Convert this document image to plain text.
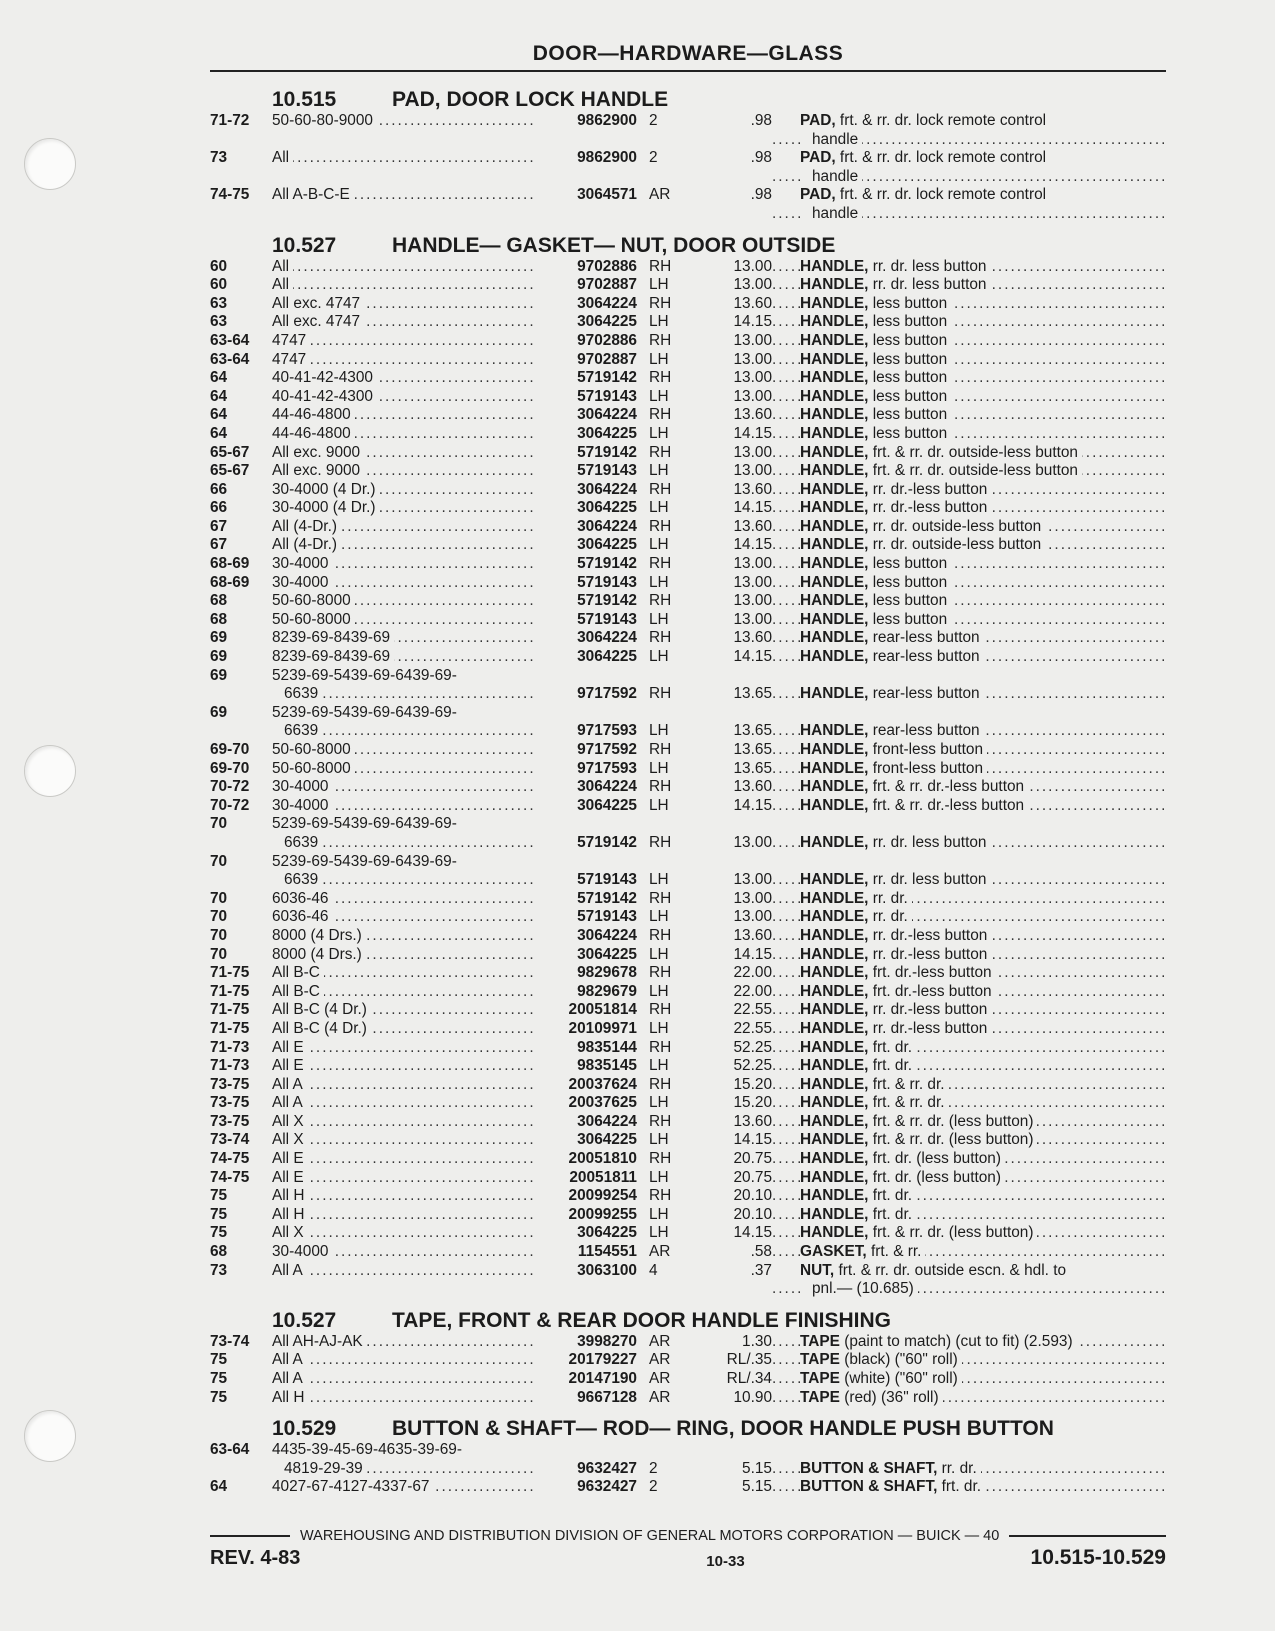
DOOR—HARDWARE—GLASS
10.515	PAD, DOOR LOCK HANDLE
71-72	50-60-80-9000 .....	9862900 2	.98	PAD, frt. & rr. dr. lock remote control
handle .....
73	All .....	9862900 2	.98	PAD, frt. & rr. dr. lock remote control
handle .....
74-75	All A-B-C-E .....	3064571 AR	.98	PAD, frt. & rr. dr. lock remote control
handle .....
10.527	HANDLE— GASKET— NUT, DOOR OUTSIDE
60	All .....	9702886 RH	13.00	HANDLE, rr. dr. less button .....
60	All .....	9702887 LH	13.00	HANDLE, rr. dr. less button .....
63	All exc. 4747 .....	3064224 RH	13.60	HANDLE, less button .....
63	All exc. 4747 .....	3064225 LH	14.15	HANDLE, less button .....
63-64	4747 .....	9702886 RH	13.00	HANDLE, less button .....
63-64	4747 .....	9702887 LH	13.00	HANDLE, less button .....
64	40-41-42-4300 .....	5719142 RH	13.00	HANDLE, less button .....
64	40-41-42-4300 .....	5719143 LH	13.00	HANDLE, less button .....
64	44-46-4800 .....	3064224 RH	13.60	HANDLE, less button .....
64	44-46-4800 .....	3064225 LH	14.15	HANDLE, less button .....
65-67	All exc. 9000 .....	5719142 RH	13.00	HANDLE, frt. & rr. dr. outside-less button .....
65-67	All exc. 9000 .....	5719143 LH	13.00	HANDLE, frt. & rr. dr. outside-less button .....
66	30-4000 (4 Dr.) .....	3064224 RH	13.60	HANDLE, rr. dr.-less button .....
66	30-4000 (4 Dr.) .....	3064225 LH	14.15	HANDLE, rr. dr.-less button .....
67	All (4-Dr.) .....	3064224 RH	13.60	HANDLE, rr. dr. outside-less button .....
67	All (4-Dr.) .....	3064225 LH	14.15	HANDLE, rr. dr. outside-less button .....
68-69	30-4000 .....	5719142 RH	13.00	HANDLE, less button .....
68-69	30-4000 .....	5719143 LH	13.00	HANDLE, less button .....
68	50-60-8000 .....	5719142 RH	13.00	HANDLE, less button .....
68	50-60-8000 .....	5719143 LH	13.00	HANDLE, less button .....
69	8239-69-8439-69 .....	3064224 RH	13.60	HANDLE, rear-less button .....
69	8239-69-8439-69 .....	3064225 LH	14.15	HANDLE, rear-less button .....
69	5239-69-5439-69-6439-69-
6639 .....	9717592 RH	13.65	HANDLE, rear-less button .....
69	5239-69-5439-69-6439-69-
6639 .....	9717593 LH	13.65	HANDLE, rear-less button .....
69-70	50-60-8000 .....	9717592 RH	13.65	HANDLE, front-less button .....
69-70	50-60-8000 .....	9717593 LH	13.65	HANDLE, front-less button .....
70-72	30-4000 .....	3064224 RH	13.60	HANDLE, frt. & rr. dr.-less button .....
70-72	30-4000 .....	3064225 LH	14.15	HANDLE, frt. & rr. dr.-less button .....
70	5239-69-5439-69-6439-69-
6639 .....	5719142 RH	13.00	HANDLE, rr. dr. less button .....
70	5239-69-5439-69-6439-69-
6639 .....	5719143 LH	13.00	HANDLE, rr. dr. less button .....
70	6036-46 .....	5719142 RH	13.00	HANDLE, rr. dr. .....
70	6036-46 .....	5719143 LH	13.00	HANDLE, rr. dr. .....
70	8000 (4 Drs.) .....	3064224 RH	13.60	HANDLE, rr. dr.-less button .....
70	8000 (4 Drs.) .....	3064225 LH	14.15	HANDLE, rr. dr.-less button .....
71-75	All B-C .....	9829678 RH	22.00	HANDLE, frt. dr.-less button .....
71-75	All B-C .....	9829679 LH	22.00	HANDLE, frt. dr.-less button .....
71-75	All B-C (4 Dr.) .....	20051814 RH	22.55	HANDLE, rr. dr.-less button .....
71-75	All B-C (4 Dr.) .....	20109971 LH	22.55	HANDLE, rr. dr.-less button .....
71-73	All E .....	9835144 RH	52.25	HANDLE, frt. dr. .....
71-73	All E .....	9835145 LH	52.25	HANDLE, frt. dr. .....
73-75	All A .....	20037624 RH	15.20	HANDLE, frt. & rr. dr. .....
73-75	All A .....	20037625 LH	15.20	HANDLE, frt. & rr. dr. .....
73-75	All X .....	3064224 RH	13.60	HANDLE, frt. & rr. dr. (less button) .....
73-74	All X .....	3064225 LH	14.15	HANDLE, frt. & rr. dr. (less button) .....
74-75	All E .....	20051810 RH	20.75	HANDLE, frt. dr. (less button) .....
74-75	All E .....	20051811 LH	20.75	HANDLE, frt. dr. (less button) .....
75	All H .....	20099254 RH	20.10	HANDLE, frt. dr. .....
75	All H .....	20099255 LH	20.10	HANDLE, frt. dr. .....
75	All X .....	3064225 LH	14.15	HANDLE, frt. & rr. dr. (less button) .....
68	30-4000 .....	1154551 AR	.58	GASKET, frt. & rr. .....
73	All A .....	3063100 4	.37	NUT, frt. & rr. dr. outside escn. & hdl. to
pnl.— (10.685) .....
10.527	TAPE, FRONT & REAR DOOR HANDLE FINISHING
73-74	All AH-AJ-AK .....	3998270 AR	1.30	TAPE (paint to match) (cut to fit) (2.593) .....
75	All A .....	20179227 AR	RL/.35	TAPE (black) ("60" roll) .....
75	All A .....	20147190 AR	RL/.34	TAPE (white) ("60" roll) .....
75	All H .....	9667128 AR	10.90	TAPE (red) (36" roll) .....
10.529	BUTTON & SHAFT— ROD— RING, DOOR HANDLE PUSH BUTTON
63-64	4435-39-45-69-4635-39-69-
4819-29-39 .....	9632427 2	5.15	BUTTON & SHAFT, rr. dr. .....
64	4027-67-4127-4337-67 .....	9632427 2	5.15	BUTTON & SHAFT, frt. dr. .....
WAREHOUSING AND DISTRIBUTION DIVISION OF GENERAL MOTORS CORPORATION — BUICK — 40
REV. 4-83	10-33	10.515-10.529
